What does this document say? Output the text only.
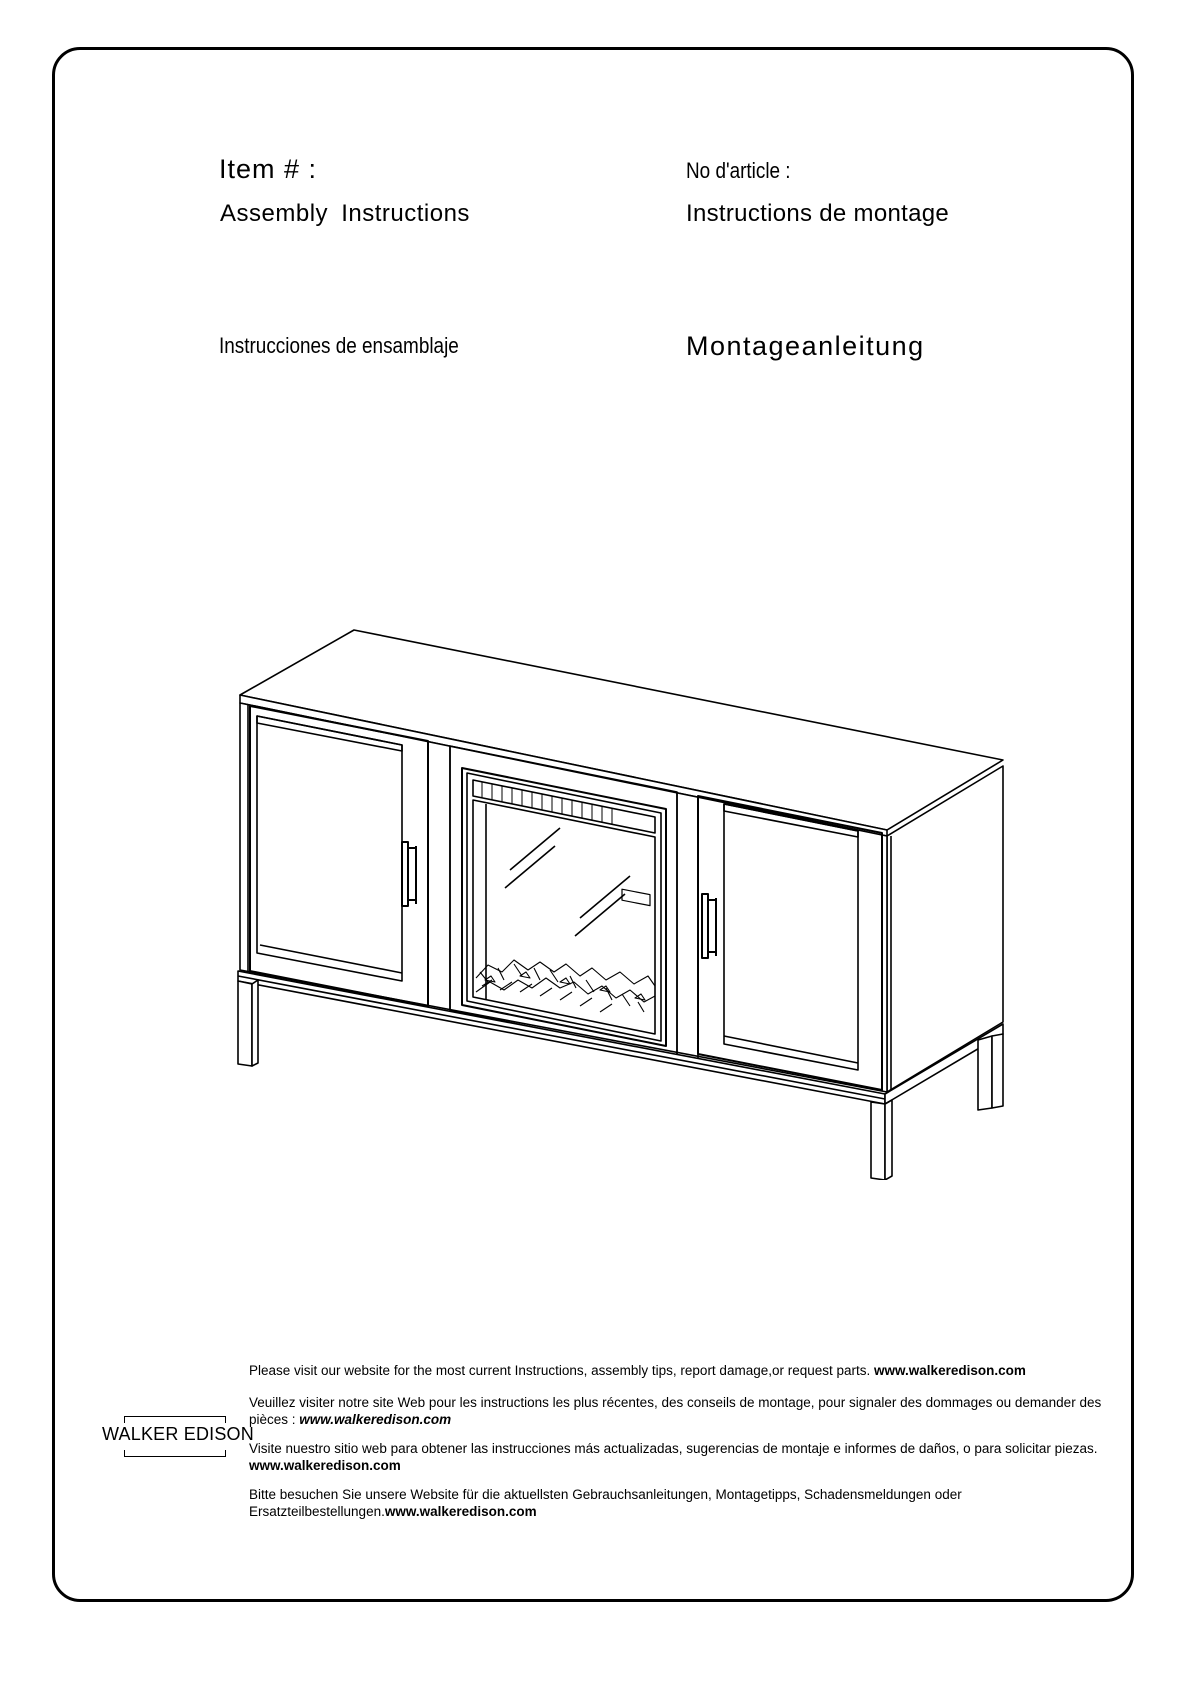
Item # :	No d'article :
Assembly Instructions	Instructions de montage
Instrucciones de ensamblaje	Montageanleitung
Please visit our website for the most current Instructions, assembly tips, report damage,or request parts. www.walkeredison.com
Veuillez visiter notre site Web pour les instructions les plus récentes, des conseils de montage, pour signaler des dommages ou demander des pièces : www.walkeredison.com
Visite nuestro sitio web para obtener las instrucciones más actualizadas, sugerencias de montaje e informes de daños, o para solicitar piezas. www.walkeredison.com
Bitte besuchen Sie unsere Website für die aktuellsten Gebrauchsanleitungen, Montagetipps, Schadensmeldungen oder Ersatzteilbestellungen.www.walkeredison.com
WALKER EDISON
